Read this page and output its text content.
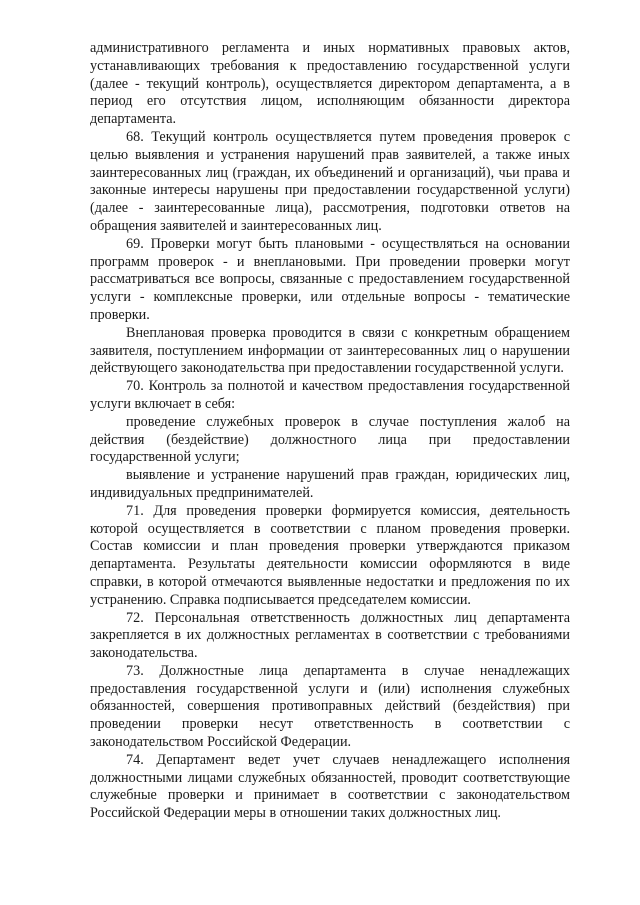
административного регламента и иных нормативных правовых актов, устанавливающих требования к предоставлению государственной услуги (далее - текущий контроль), осуществляется директором департамента, а в период его отсутствия лицом, исполняющим обязанности директора департамента.

68. Текущий контроль осуществляется путем проведения проверок с целью выявления и устранения нарушений прав заявителей, а также иных заинтересованных лиц (граждан, их объединений и организаций), чьи права и законные интересы нарушены при предоставлении государственной услуги) (далее - заинтересованные лица), рассмотрения, подготовки ответов на обращения заявителей и заинтересованных лиц.

69. Проверки могут быть плановыми - осуществляться на основании программ проверок - и внеплановыми. При проведении проверки могут рассматриваться все вопросы, связанные с предоставлением государственной услуги - комплексные проверки, или отдельные вопросы - тематические проверки.

Внеплановая проверка проводится в связи с конкретным обращением заявителя, поступлением информации от заинтересованных лиц о нарушении действующего законодательства при предоставлении государственной услуги.

70. Контроль за полнотой и качеством предоставления государственной услуги включает в себя:

проведение служебных проверок в случае поступления жалоб на действия (бездействие) должностного лица при предоставлении государственной услуги;

выявление и устранение нарушений прав граждан, юридических лиц, индивидуальных предпринимателей.

71. Для проведения проверки формируется комиссия, деятельность которой осуществляется в соответствии с планом проведения проверки. Состав комиссии и план проведения проверки утверждаются приказом департамента. Результаты деятельности комиссии оформляются в виде справки, в которой отмечаются выявленные недостатки и предложения по их устранению. Справка подписывается председателем комиссии.

72. Персональная ответственность должностных лиц департамента закрепляется в их должностных регламентах в соответствии с требованиями законодательства.

73. Должностные лица департамента в случае ненадлежащих предоставления государственной услуги и (или) исполнения служебных обязанностей, совершения противоправных действий (бездействия) при проведении проверки несут ответственность в соответствии с законодательством Российской Федерации.

74. Департамент ведет учет случаев ненадлежащего исполнения должностными лицами служебных обязанностей, проводит соответствующие служебные проверки и принимает в соответствии с законодательством Российской Федерации меры в отношении таких должностных лиц.
